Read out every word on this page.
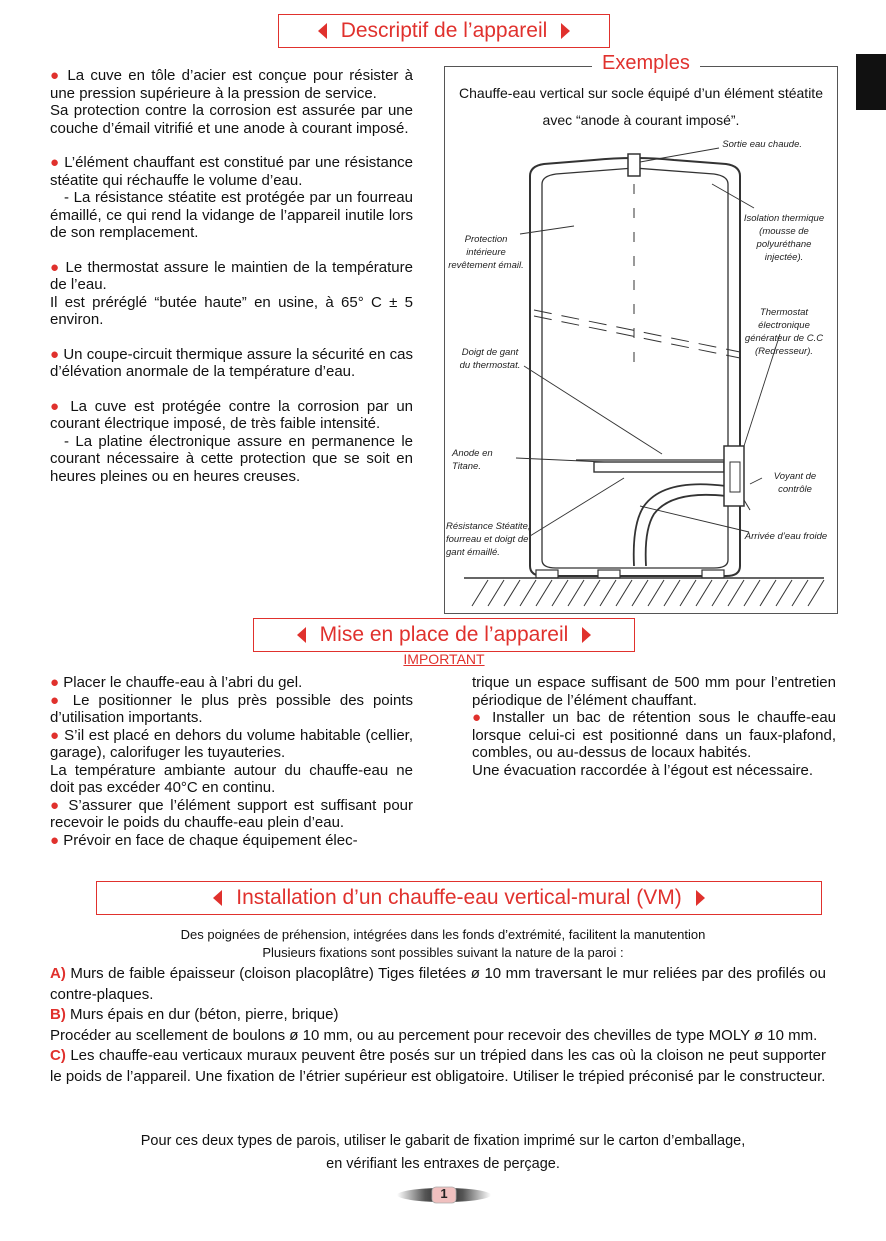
Descriptif de l’appareil

● La cuve en tôle d’acier est conçue pour résister à une pression supérieure à la pression de service.

Sa protection contre la corrosion est assurée par une couche d’émail vitrifié et une anode à courant imposé.

● L’élément chauffant est constitué par une résistance stéatite qui réchauffe le volume d’eau.

- La résistance stéatite est protégée par un fourreau émaillé, ce qui rend la vidange de l’appareil inutile lors de son remplacement.

● Le thermostat assure le maintien de la température de l’eau.

Il est préréglé “butée haute” en usine, à 65° C ± 5 environ.

● Un coupe-circuit thermique assure la sécurité en cas d’élévation anormale de la température d’eau.

● La cuve est protégée contre la corrosion par un courant électrique imposé, de très faible intensité.

- La platine électronique assure en permanence le courant nécessaire à cette protection que se soit en heures pleines ou en heures creuses.

Exemples
Chauffe-eau vertical sur socle équipé d’un élément stéatite avec “anode à courant imposé”.
Sortie eau chaude.
Isolation thermique (mousse de polyuréthane injectée).
Protection intérieure revêtement émail.
Thermostat électronique générateur de C.C (Redresseur).
Doigt de gant du thermostat.
Anode en Titane.
Voyant de contrôle
Résistance Stéatite, fourreau et doigt de gant émaillé.
Arrivée d’eau froide
Mise en place de l’appareil
IMPORTANT

● Placer le chauffe-eau à l’abri du gel.

● Le positionner le plus près possible des points d’utilisation importants.

● S’il est placé en dehors du volume habitable (cellier, garage), calorifuger les tuyauteries.

La température ambiante autour du chauffe-eau ne doit pas excéder 40°C en continu.

● S’assurer que l’élément support est suffisant pour recevoir le poids du chauffe-eau plein d’eau.

● Prévoir en face de chaque équipement élec-

trique un espace suffisant de 500 mm pour l’entretien périodique de l’élément chauffant.

● Installer un bac de rétention sous le chauffe-eau lorsque celui-ci est positionné dans un faux-plafond, combles, ou au-dessus de locaux habités.

Une évacuation raccordée à l’égout est nécessaire.

Installation d’un chauffe-eau vertical-mural (VM)
Des poignées de préhension, intégrées dans les fonds d’extrémité, facilitent la manutention
Plusieurs fixations sont possibles suivant la nature de la paroi :

A) Murs de faible épaisseur (cloison placoplâtre) Tiges filetées ø 10 mm traversant le mur reliées par des profilés ou contre-plaques.

B) Murs épais en dur (béton, pierre, brique)

Procéder au scellement de boulons ø 10 mm, ou au percement pour recevoir des chevilles de type MOLY ø 10 mm.

C) Les chauffe-eau verticaux muraux peuvent être posés sur un trépied dans les cas où la cloison ne peut supporter le poids de l’appareil. Une fixation de l’étrier supérieur est obligatoire. Utiliser le trépied préconisé par le constructeur.

Pour ces deux types de parois, utiliser le gabarit de fixation imprimé sur le carton d’emballage,
en vérifiant les entraxes de perçage.
1
